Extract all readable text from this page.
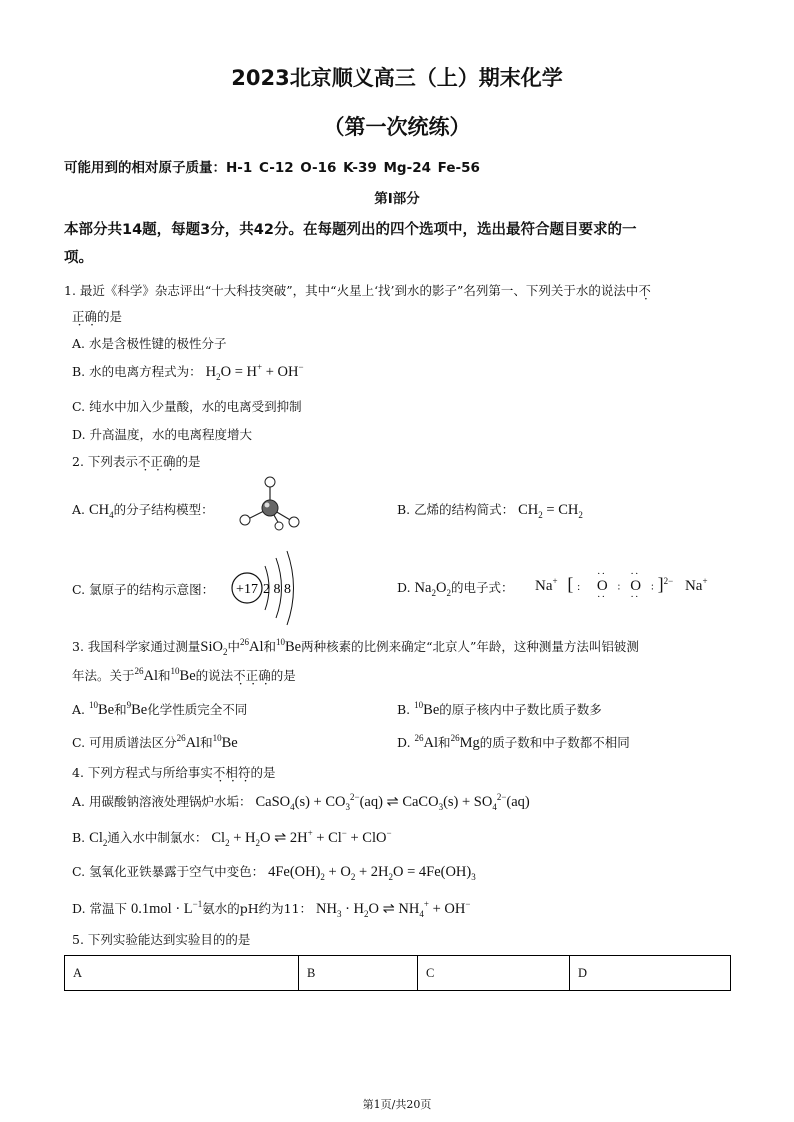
2023北京顺义高三（上）期末化学
（第一次统练）
可能用到的相对原子质量：H-1 C-12 O-16 K-39 Mg-24 Fe-56
第I部分
本部分共14题，每题3分，共42分。在每题列出的四个选项中，选出最符合题目要求的一
项。
1. 最近《科学》杂志评出“十大科技突破”，其中“火星上‘找’到水的影子”名列第一、下列关于水的说法中不
正确的是
A. 水是含极性键的极性分子
B. 水的电离方程式为： $H_2O = H^+ + OH^-$
C. 纯水中加入少量酸，水的电离受到抑制
D. 升高温度，水的电离程度增大
2. 下列表示不正确的是
A. $CH_4$的分子结构模型：	B. 乙烯的结构简式： $CH_2 = CH_2$
C. 氯原子的结构示意图： +17 2 8 8	D. $Na_2O_2$的电子式： Na+ [ :
··
O
··
:
··
O
··
: ]$^{2-}$ Na+
3. 我国科学家通过测量SiO$_2$中$^{26}$Al和$^{10}$Be两种核素的比例来确定“北京人”年龄，这种测量方法叫铝铍测
年法。关于$^{26}$Al和$^{10}$Be的说法不正确的是
A. $^{10}$Be和$^9$Be化学性质完全不同	B. $^{10}$Be的原子核内中子数比质子数多
C. 可用质谱法区分$^{26}$Al和$^{10}$Be	D. $^{26}$Al和$^{26}$Mg的质子数和中子数都不相同
4. 下列方程式与所给事实不相符的是
A. 用碳酸钠溶液处理锅炉水垢： CaSO$_4$(s) + $CO_3^{2-}(aq)$ ⇌ CaCO$_3$(s) + $SO_4^{2-}(aq)$
B. $Cl_2$通入水中制氯水： $Cl_2 + H_2O$ ⇌ 2H+ + Cl− + ClO−
C. 氢氧化亚铁暴露于空气中变色： $4Fe(OH)_2 + O_2 + 2H_2O = 4Fe(OH)_3$
D. 常温下 $0.1mol \cdot L^{-1}$氨水的pH约为11： $NH_3 \cdot H_2O$ ⇌ $NH_4^+ + OH^-$
5. 下列实验能达到实验目的的是
A	B	C	D
第1页/共20页
